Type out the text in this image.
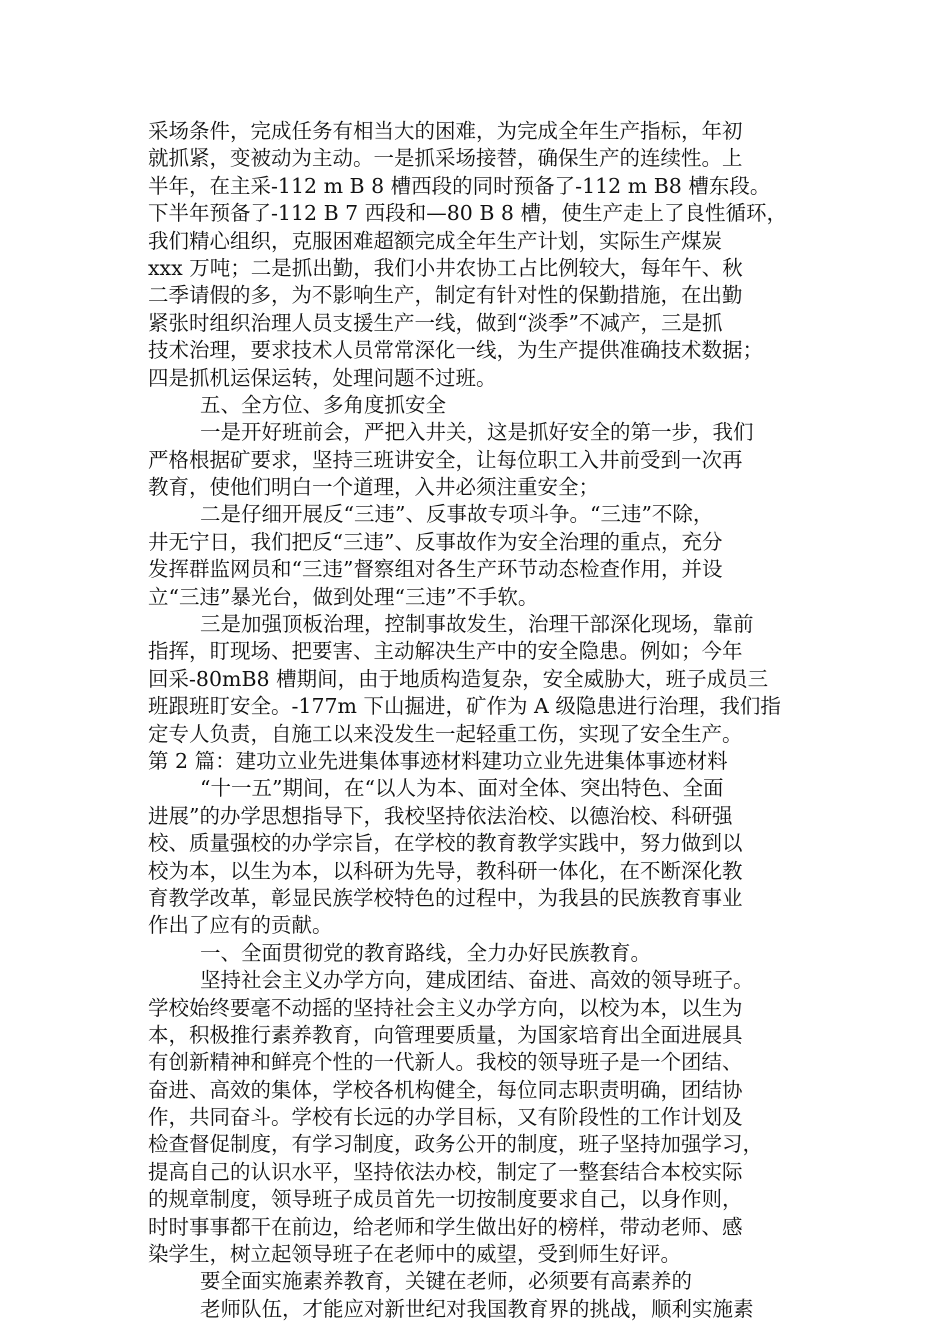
采场条件，完成任务有相当大的困难，为完成全年生产指标，年初
就抓紧，变被动为主动。一是抓采场接替，确保生产的连续性。上
半年，在主采-112 m B 8 槽西段的同时预备了-112 m B8 槽东段。
下半年预备了-112 B 7 西段和—80 B 8 槽，使生产走上了良性循环，
我们精心组织，克服困难超额完成全年生产计划，实际生产煤炭
xxx 万吨；二是抓出勤，我们小井农协工占比例较大，每年午、秋
二季请假的多，为不影响生产，制定有针对性的保勤措施，在出勤
紧张时组织治理人员支援生产一线，做到“淡季”不减产，三是抓
技术治理，要求技术人员常常深化一线，为生产提供准确技术数据；
四是抓机运保运转，处理问题不过班。
五、全方位、多角度抓安全
一是开好班前会，严把入井关，这是抓好安全的第一步，我们
严格根据矿要求，坚持三班讲安全，让每位职工入井前受到一次再
教育，使他们明白一个道理，入井必须注重安全；
二是仔细开展反“三违”、反事故专项斗争。“三违”不除，
井无宁日，我们把反“三违”、反事故作为安全治理的重点，充分
发挥群监网员和“三违”督察组对各生产环节动态检查作用，并设
立“三违”暴光台，做到处理“三违”不手软。
三是加强顶板治理，控制事故发生，治理干部深化现场，靠前
指挥，盯现场、把要害、主动解决生产中的安全隐患。例如；今年
回采-80mB8 槽期间，由于地质构造复杂，安全威胁大，班子成员三
班跟班盯安全。-177m 下山掘进，矿作为 A 级隐患进行治理，我们指
定专人负责，自施工以来没发生一起轻重工伤，实现了安全生产。
第 2 篇：建功立业先进集体事迹材料建功立业先进集体事迹材料
“十一五”期间，在“以人为本、面对全体、突出特色、全面
进展”的办学思想指导下，我校坚持依法治校、以德治校、科研强
校、质量强校的办学宗旨，在学校的教育教学实践中，努力做到以
校为本，以生为本，以科研为先导，教科研一体化，在不断深化教
育教学改革，彰显民族学校特色的过程中，为我县的民族教育事业
作出了应有的贡献。
一、全面贯彻党的教育路线，全力办好民族教育。
坚持社会主义办学方向，建成团结、奋进、高效的领导班子。
学校始终要毫不动摇的坚持社会主义办学方向，以校为本，以生为
本，积极推行素养教育，向管理要质量，为国家培育出全面进展具
有创新精神和鲜亮个性的一代新人。我校的领导班子是一个团结、
奋进、高效的集体，学校各机构健全，每位同志职责明确，团结协
作，共同奋斗。学校有长远的办学目标，又有阶段性的工作计划及
检查督促制度，有学习制度，政务公开的制度，班子坚持加强学习，
提高自己的认识水平，坚持依法办校，制定了一整套结合本校实际
的规章制度，领导班子成员首先一切按制度要求自己，以身作则，
时时事事都干在前边，给老师和学生做出好的榜样，带动老师、感
染学生，树立起领导班子在老师中的威望，受到师生好评。
要全面实施素养教育，关键在老师，必须要有高素养的
老师队伍，才能应对新世纪对我国教育界的挑战，顺利实施素
